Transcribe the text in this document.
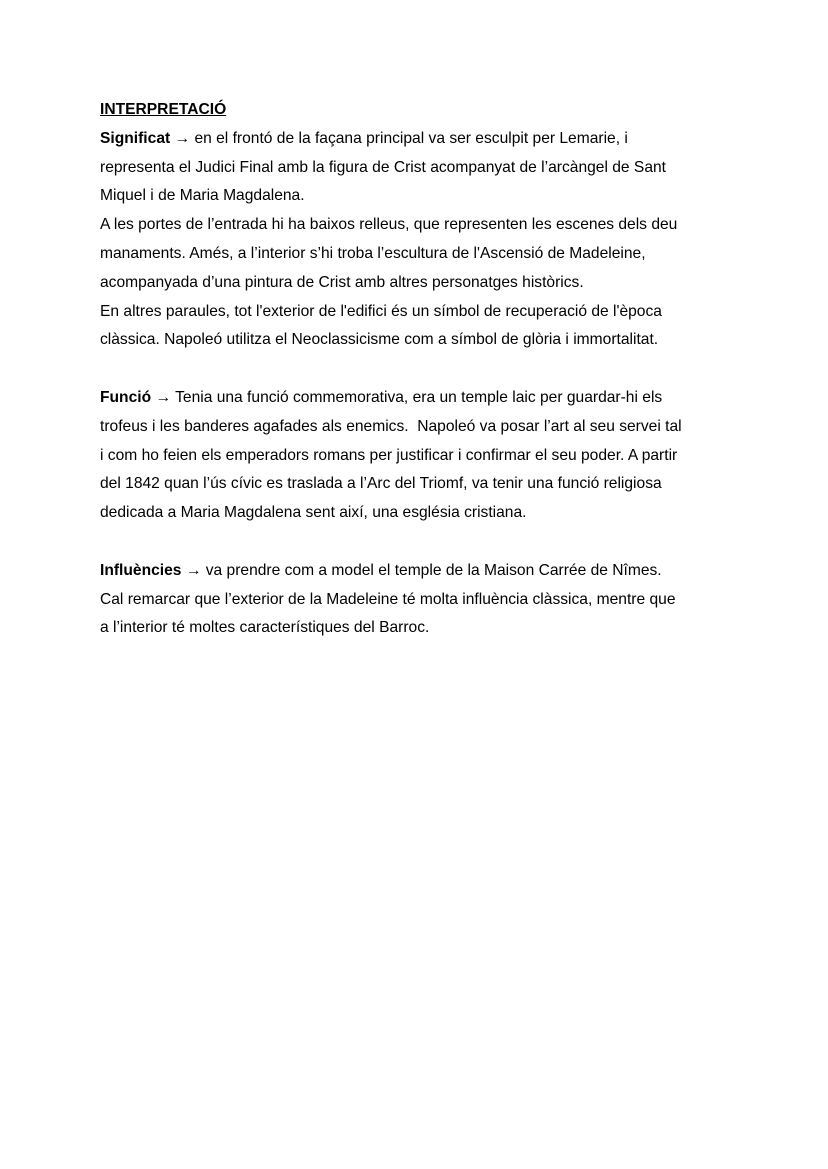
INTERPRETACIÓ
Significat → en el frontó de la façana principal va ser esculpit per Lemarie, i
representa el Judici Final amb la figura de Crist acompanyat de l’arcàngel de Sant
Miquel i de Maria Magdalena.
A les portes de l’entrada hi ha baixos relleus, que representen les escenes dels deu
manaments. Amés, a l’interior s’hi troba l’escultura de l'Ascensió de Madeleine,
acompanyada d’una pintura de Crist amb altres personatges històrics.
En altres paraules, tot l'exterior de l'edifici és un símbol de recuperació de l'època
clàssica. Napoleó utilitza el Neoclassicisme com a símbol de glòria i immortalitat.
Funció → Tenia una funció commemorativa, era un temple laic per guardar-hi els
trofeus i les banderes agafades als enemics.  Napoleó va posar l’art al seu servei tal
i com ho feien els emperadors romans per justificar i confirmar el seu poder. A partir
del 1842 quan l’ús cívic es traslada a l’Arc del Triomf, va tenir una funció religiosa
dedicada a Maria Magdalena sent així, una església cristiana.
Influències → va prendre com a model el temple de la Maison Carrée de Nîmes.
Cal remarcar que l’exterior de la Madeleine té molta influència clàssica, mentre que
a l’interior té moltes característiques del Barroc.
